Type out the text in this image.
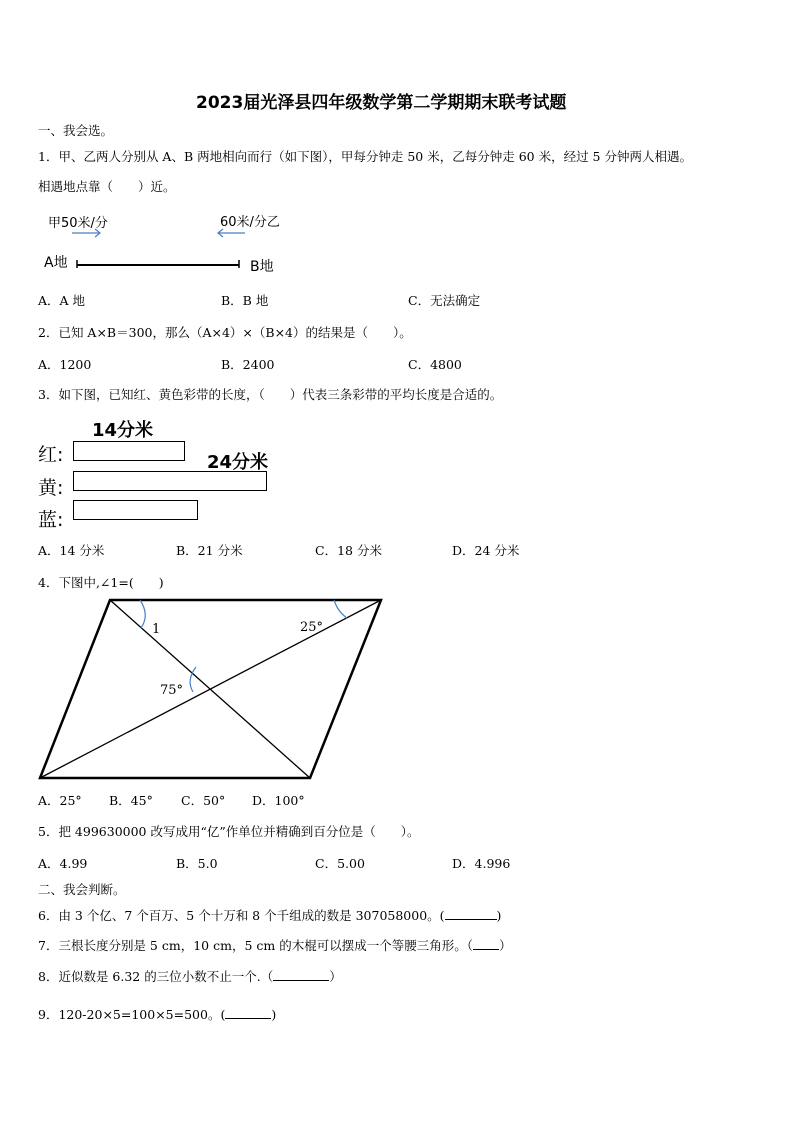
2023届光泽县四年级数学第二学期期末联考试题
一、我会选。
1．甲、乙两人分别从 A、B 两地相向而行（如下图），甲每分钟走 50 米，乙每分钟走 60 米，经过 5 分钟两人相遇。
相遇地点靠（　　）近。
甲50米/分	60米/分乙
A地	B地
A．A 地	B．B 地	C．无法确定
2．已知 A×B＝300，那么（A×4）×（B×4）的结果是（　　）。
A．1200	B．2400	C．4800
3．如下图，已知红、黄色彩带的长度，（　　）代表三条彩带的平均长度是合适的。
14分米
红:	24分米
黄:
蓝:
A．14 分米	B．21 分米	C．18 分米	D．24 分米
4．下图中,∠1=(　　)
1	25°
75°
A．25° B．45° C．50° D．100°
5．把 499630000 改写成用“亿”作单位并精确到百分位是（　　）。
A．4.99	B．5.0	C．5.00	D．4.996
二、我会判断。
6．由 3 个亿、7 个百万、5 个十万和 8 个千组成的数是 307058000。(	)
7．三根长度分别是 5 cm，10 cm，5 cm 的木棍可以摆成一个等腰三角形。（ ）
8．近似数是 6.32 的三位小数不止一个.（	）
9．120-20×5=100×5=500。(	)
